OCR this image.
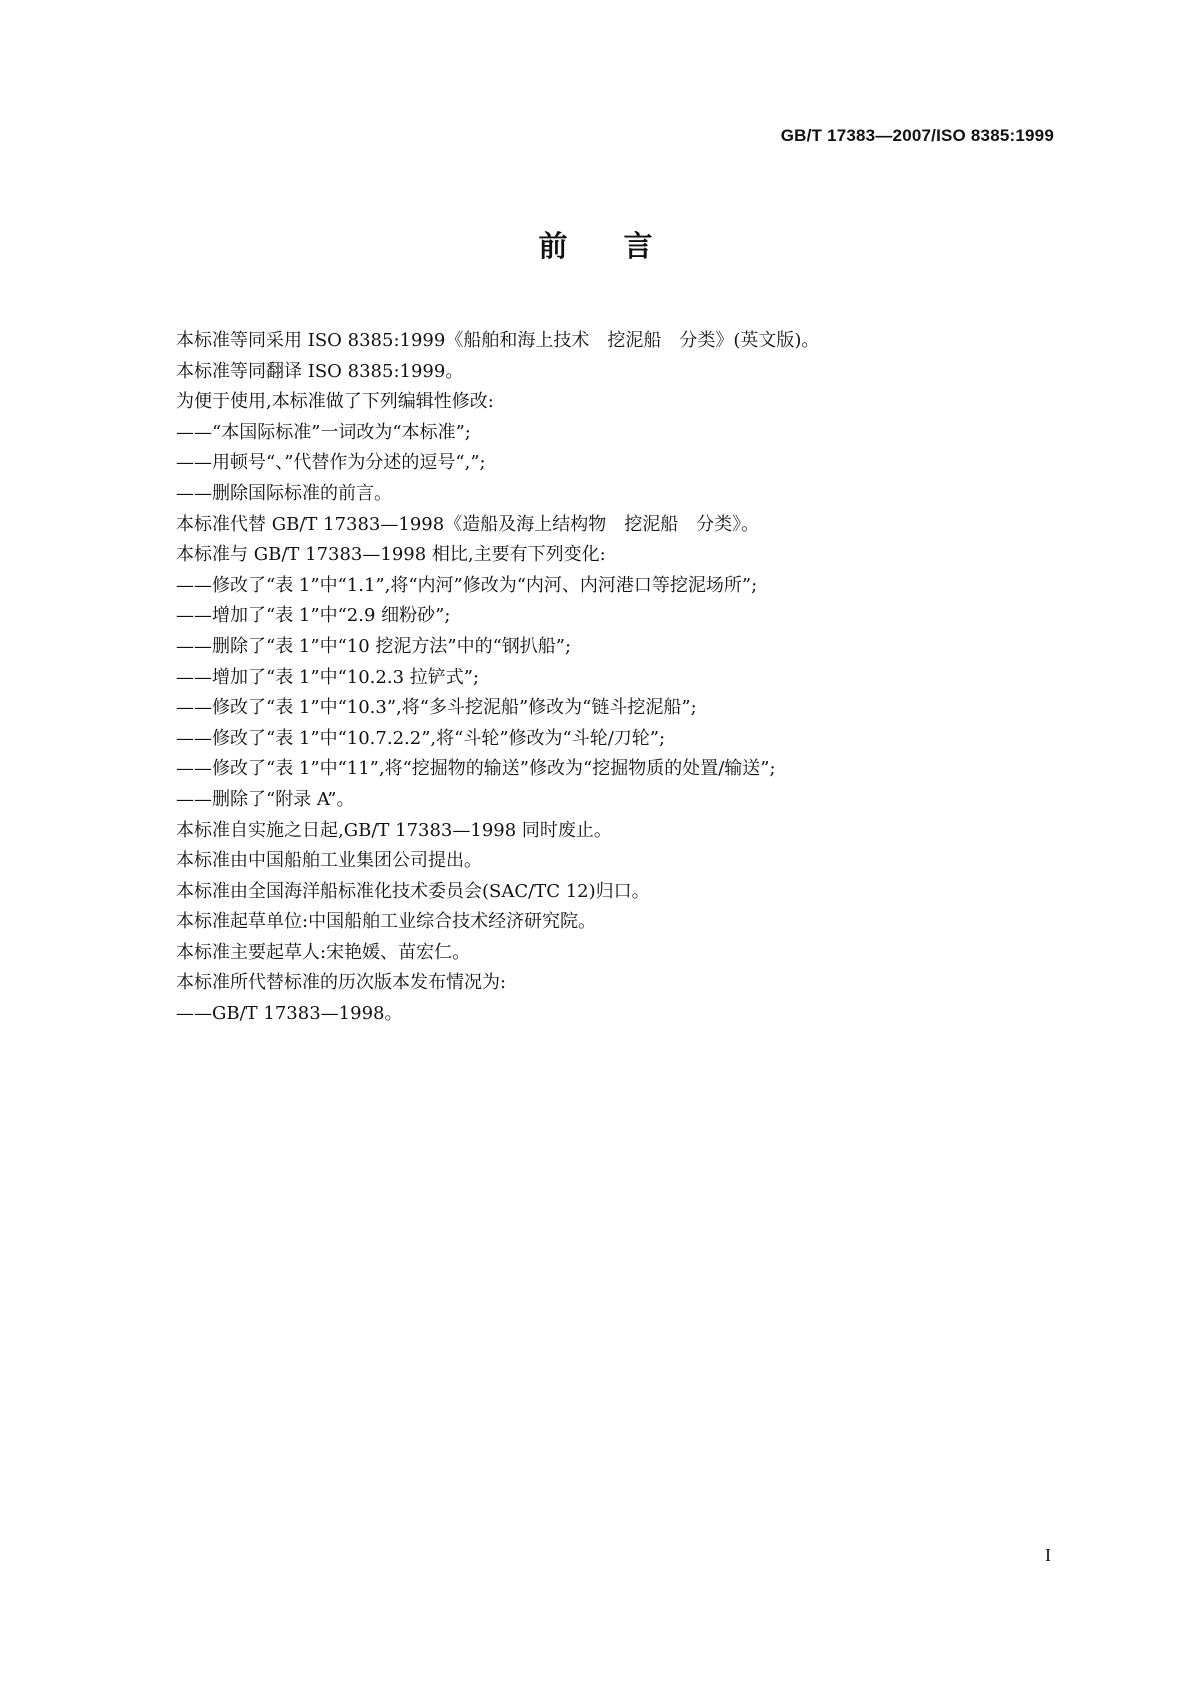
GB/T 17383—2007/ISO 8385:1999
前言
本标准等同采用 ISO 8385:1999《船舶和海上技术　挖泥船　分类》(英文版)。
本标准等同翻译 ISO 8385:1999。
为便于使用,本标准做了下列编辑性修改:
——“本国际标准”一词改为“本标准”;
——用顿号“、”代替作为分述的逗号“,”;
——删除国际标准的前言。
本标准代替 GB/T 17383—1998《造船及海上结构物　挖泥船　分类》。
本标准与 GB/T 17383—1998 相比,主要有下列变化:
——修改了“表 1”中“1.1”,将“内河”修改为“内河、内河港口等挖泥场所”;
——增加了“表 1”中“2.9 细粉砂”;
——删除了“表 1”中“10 挖泥方法”中的“钢扒船”;
——增加了“表 1”中“10.2.3 拉铲式”;
——修改了“表 1”中“10.3”,将“多斗挖泥船”修改为“链斗挖泥船”;
——修改了“表 1”中“10.7.2.2”,将“斗轮”修改为“斗轮/刀轮”;
——修改了“表 1”中“11”,将“挖掘物的输送”修改为“挖掘物质的处置/输送”;
——删除了“附录 A”。
本标准自实施之日起,GB/T 17383—1998 同时废止。
本标准由中国船舶工业集团公司提出。
本标准由全国海洋船标准化技术委员会(SAC/TC 12)归口。
本标准起草单位:中国船舶工业综合技术经济研究院。
本标准主要起草人:宋艳媛、苗宏仁。
本标准所代替标准的历次版本发布情况为:
——GB/T 17383—1998。
I
